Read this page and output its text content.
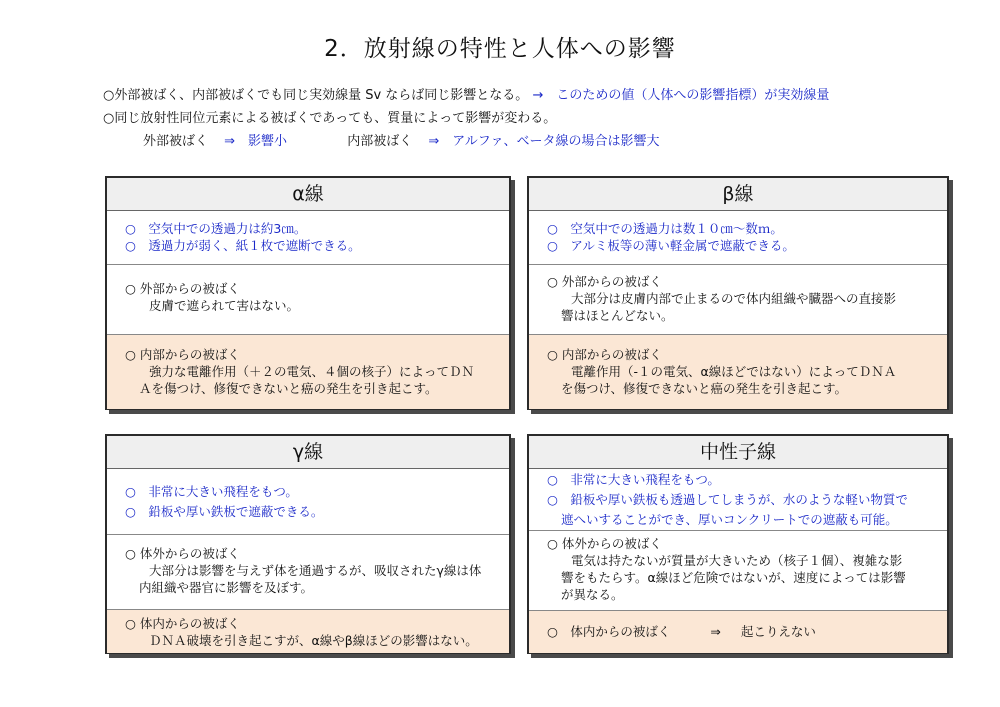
2．放射線の特性と人体への影響
○外部被ばく、内部被ばくでも同じ実効線量 Sv ならば同じ影響となる。 →　このための値（人体への影響指標）が実効線量
○同じ放射性同位元素による被ばくであっても、質量によって影響が変わる。
外部被ばく ⇒　影響小	内部被ばく ⇒　アルファ、ベータ線の場合は影響大
α線
○　空気中での透過力は約3㎝。
○　透過力が弱く、紙１枚で遮断できる。
○ 外部からの被ばく
皮膚で遮られて害はない。
○ 内部からの被ばく
強力な電離作用（＋２の電気、４個の核子）によってＤＮ
Ａを傷つけ、修復できないと癌の発生を引き起こす。
β線
○　空気中での透過力は数１０㎝～数ｍ。
○　アルミ板等の薄い軽金属で遮蔽できる。
○ 外部からの被ばく
大部分は皮膚内部で止まるので体内組織や臓器への直接影
響はほとんどない。
○ 内部からの被ばく
電離作用（-１の電気、α線ほどではない）によってＤＮＡ
を傷つけ、修復できないと癌の発生を引き起こす。
γ線
○　非常に大きい飛程をもつ。
○　鉛板や厚い鉄板で遮蔽できる。
○ 体外からの被ばく
大部分は影響を与えず体を通過するが、吸収されたγ線は体
内組織や器官に影響を及ぼす。
○ 体内からの被ばく
ＤＮＡ破壊を引き起こすが、α線やβ線ほどの影響はない。
中性子線
○　非常に大きい飛程をもつ。
○　鉛板や厚い鉄板も透過してしまうが、水のような軽い物質で
遮へいすることができ、厚いコンクリートでの遮蔽も可能。
○ 体外からの被ばく
電気は持たないが質量が大きいため（核子１個）、複雑な影
響をもたらす。α線ほど危険ではないが、速度によっては影響
が異なる。
○　体内からの被ばく	⇒ 起こりえない
